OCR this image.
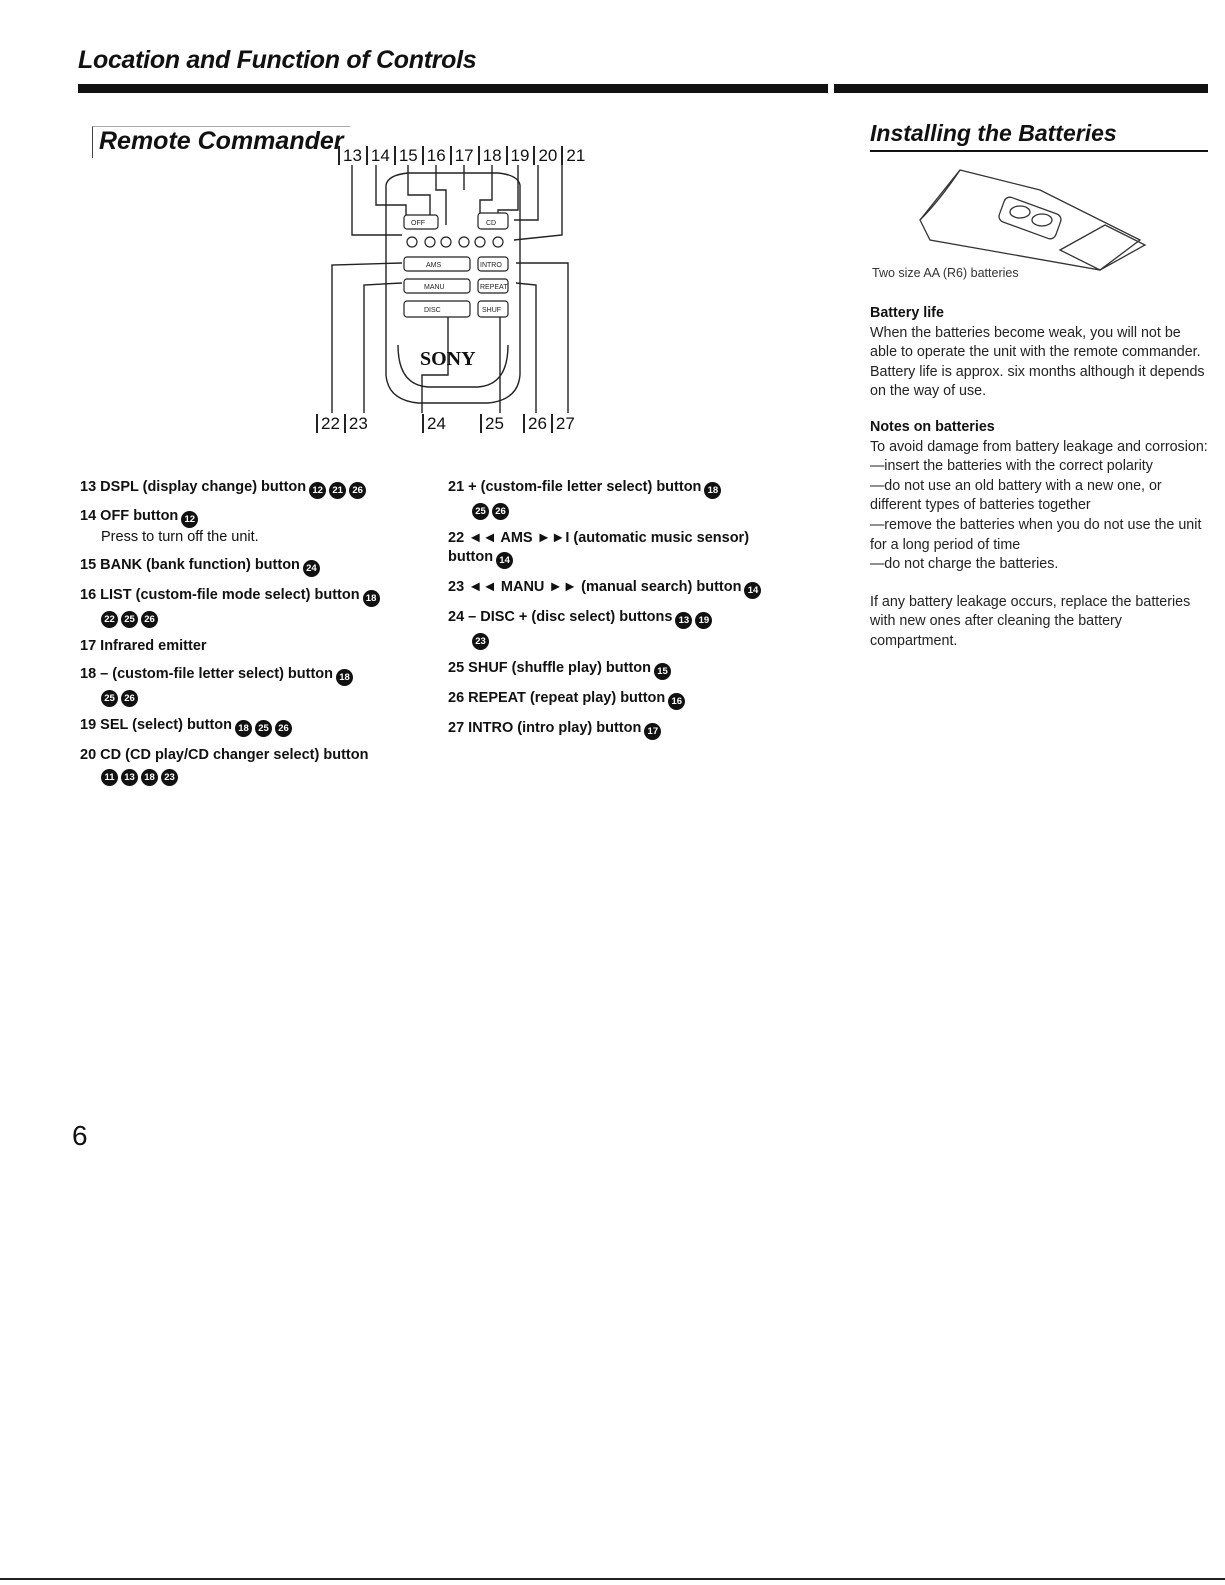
Location and Function of Controls
Remote Commander
13 14 15 16 17 18 19 20 21
OFF	CD
AMS	INTRO
MANU	REPEAT
DISC	SHUF
SONY
22 23	24 25 26 27
13 DSPL (display change) button 12 21 26
14 OFF button 12
Press to turn off the unit.
15 BANK (bank function) button 24
16 LIST (custom-file mode select) button 18
22 25 26
17 Infrared emitter
18 – (custom-file letter select) button 18
25 26
19 SEL (select) button 18 25 26
20 CD (CD play/CD changer select) button
11 13 18 23
21 + (custom-file letter select) button 18
25 26
22 ◄◄ AMS ►►I (automatic music sensor) button 14
23 ◄◄ MANU ►► (manual search) button 14
24 – DISC + (disc select) buttons 13 19
23
25 SHUF (shuffle play) button 15
26 REPEAT (repeat play) button 16
27 INTRO (intro play) button 17
Installing the Batteries
Two size AA (R6) batteries
Battery life
When the batteries become weak, you will not be able to operate the unit with the remote commander. Battery life is approx. six months although it depends on the way of use.
Notes on batteries
To avoid damage from battery leakage and corrosion:
—insert the batteries with the correct polarity
—do not use an old battery with a new one, or different types of batteries together
—remove the batteries when you do not use the unit for a long period of time
—do not charge the batteries.
If any battery leakage occurs, replace the batteries with new ones after cleaning the battery compartment.
6
